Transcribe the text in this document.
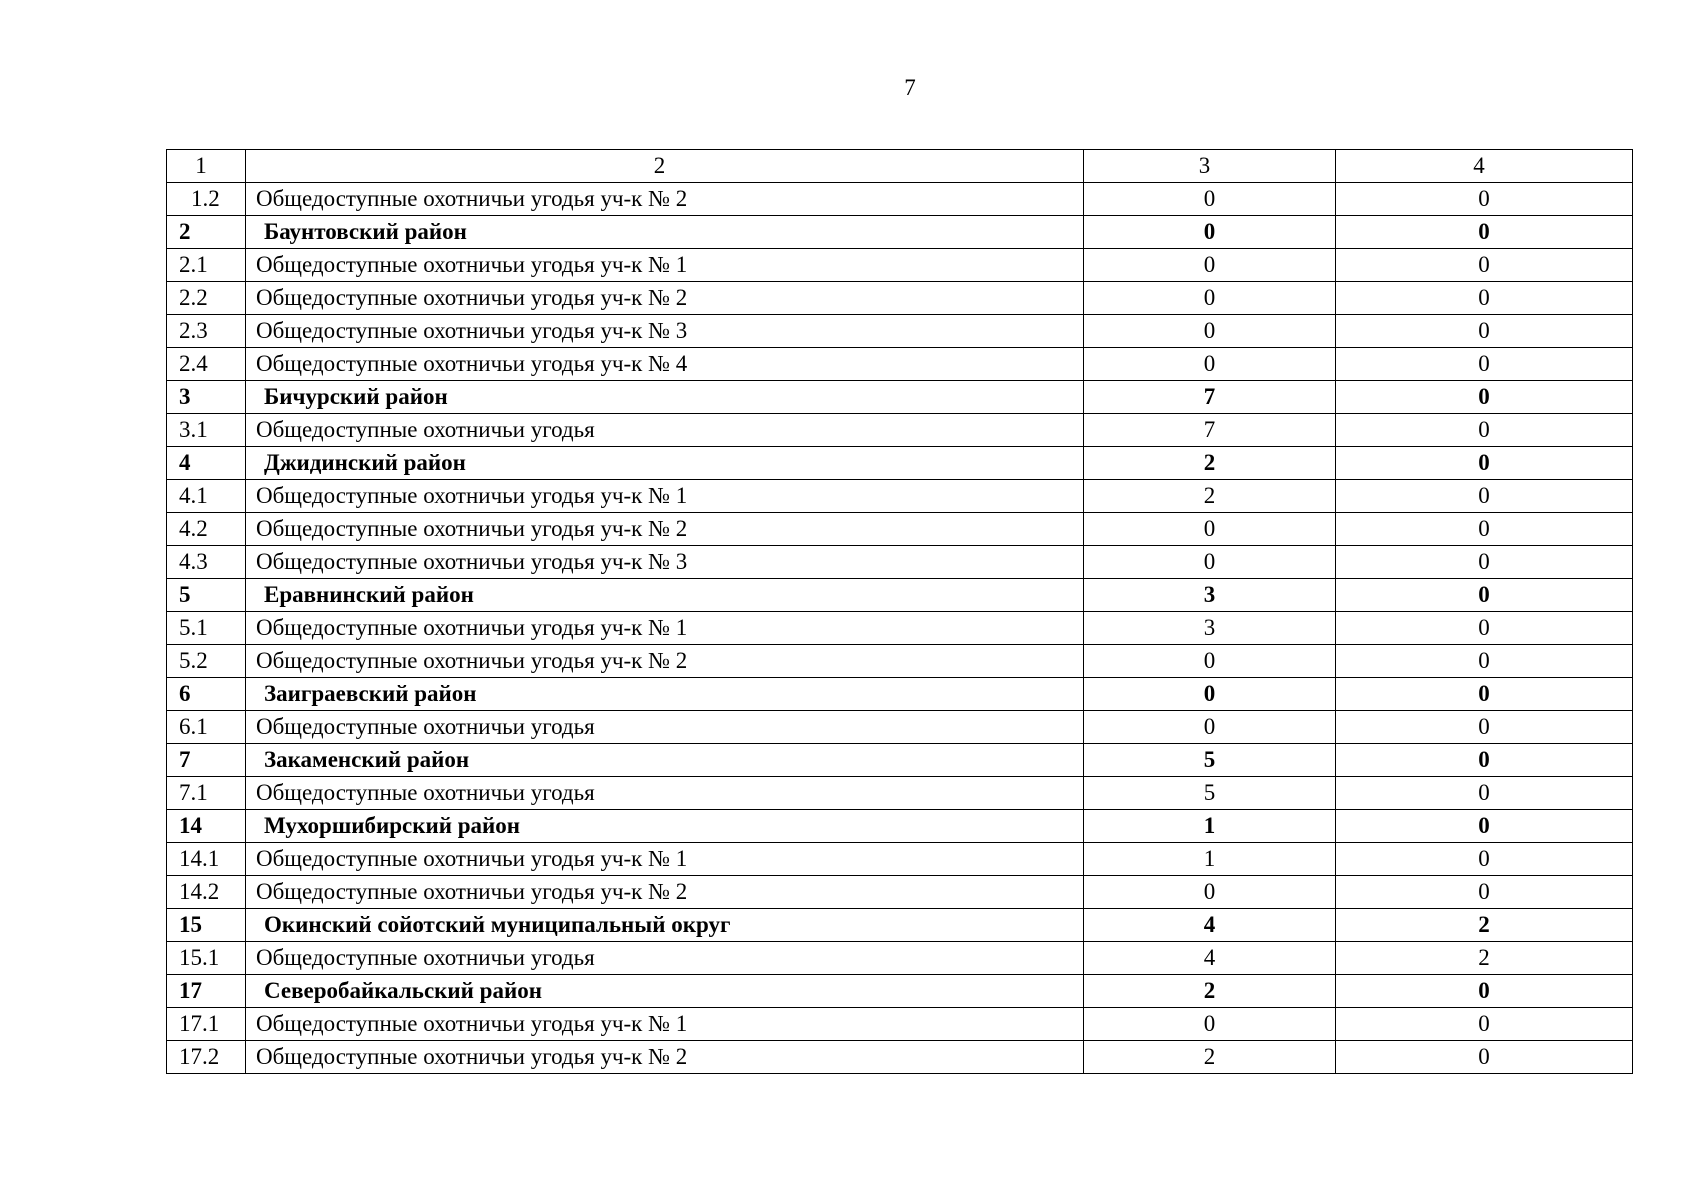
7
1	2	3	4
1.2	Общедоступные охотничьи угодья уч-к № 2	0	0
2	Баунтовский район	0	0
2.1	Общедоступные охотничьи угодья уч-к № 1	0	0
2.2	Общедоступные охотничьи угодья уч-к № 2	0	0
2.3	Общедоступные охотничьи угодья уч-к № 3	0	0
2.4	Общедоступные охотничьи угодья уч-к № 4	0	0
3	Бичурский район	7	0
3.1	Общедоступные охотничьи угодья	7	0
4	Джидинский район	2	0
4.1	Общедоступные охотничьи угодья уч-к № 1	2	0
4.2	Общедоступные охотничьи угодья уч-к № 2	0	0
4.3	Общедоступные охотничьи угодья уч-к № 3	0	0
5	Еравнинский район	3	0
5.1	Общедоступные охотничьи угодья уч-к № 1	3	0
5.2	Общедоступные охотничьи угодья уч-к № 2	0	0
6	Заиграевский район	0	0
6.1	Общедоступные охотничьи угодья	0	0
7	Закаменский район	5	0
7.1	Общедоступные охотничьи угодья	5	0
14	Мухоршибирский район	1	0
14.1	Общедоступные охотничьи угодья уч-к № 1	1	0
14.2	Общедоступные охотничьи угодья уч-к № 2	0	0
15	Окинский сойотский муниципальный округ	4	2
15.1	Общедоступные охотничьи угодья	4	2
17	Северобайкальский район	2	0
17.1	Общедоступные охотничьи угодья уч-к № 1	0	0
17.2	Общедоступные охотничьи угодья уч-к № 2	2	0
